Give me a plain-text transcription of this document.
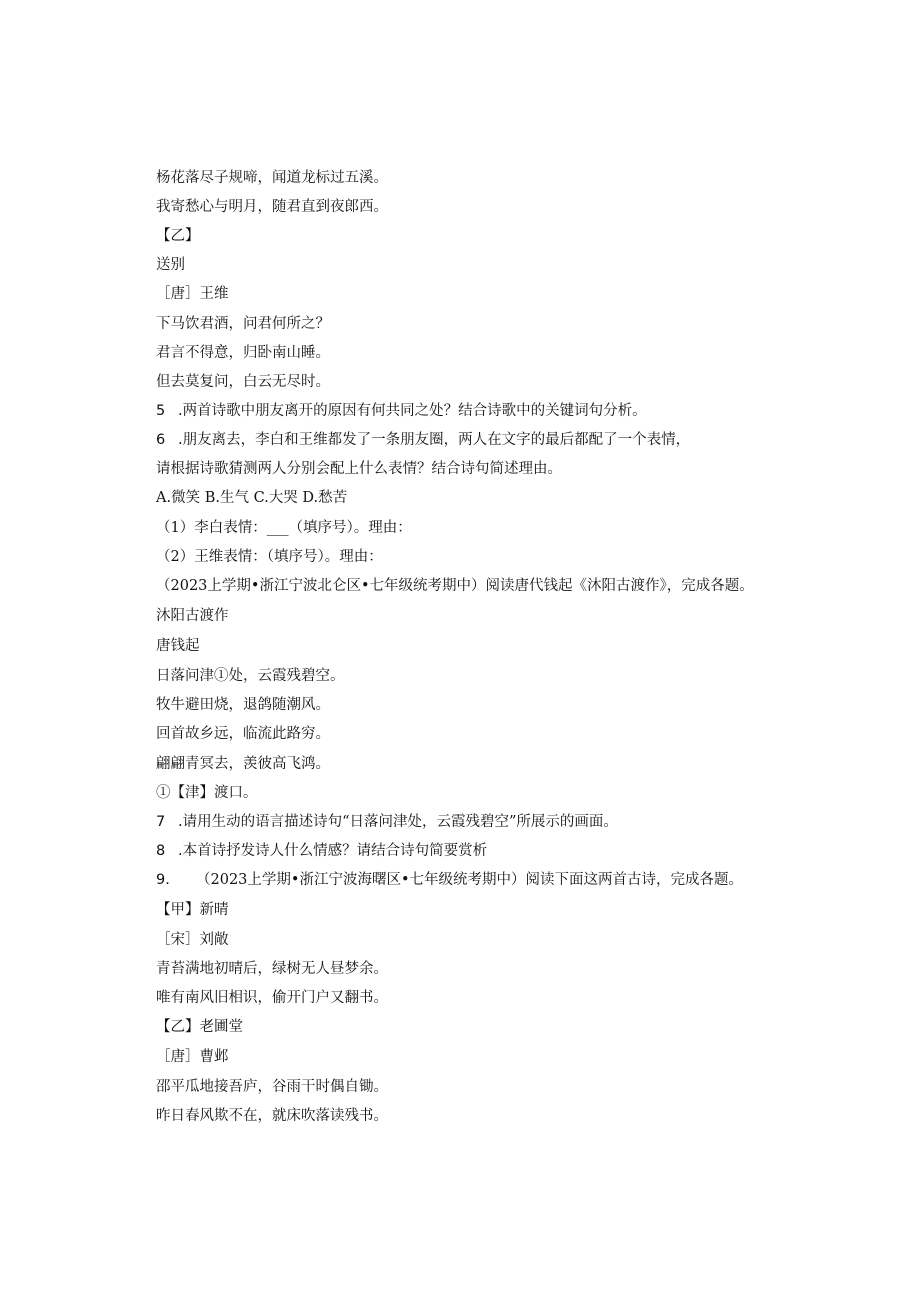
杨花落尽子规啼，闻道龙标过五溪。
我寄愁心与明月，随君直到夜郎西。
【乙】
送别
［唐］王维
下马饮君酒，问君何所之？
君言不得意，归卧南山睡。
但去莫复问，白云无尽时。
5 .两首诗歌中朋友离开的原因有何共同之处？结合诗歌中的关键词句分析。
6 .朋友离去，李白和王维都发了一条朋友圈，两人在文字的最后都配了一个表情，
请根据诗歌猜测两人分别会配上什么表情？结合诗句简述理由。
A.微笑 B.生气 C.大哭 D.愁苦
（1）李白表情：___（填序号）。理由：
（2）王维表情：（填序号）。理由：
（2023上学期•浙江宁波北仑区•七年级统考期中）阅读唐代钱起《沐阳古渡作》，完成各题。
沐阳古渡作
唐钱起
日落问津①处，云霞残碧空。
牧牛避田烧，退鸽随潮风。
回首故乡远，临流此路穷。
翩翩青冥去，羡彼高飞鸿。
①【津】渡口。
7 .请用生动的语言描述诗句“日落问津处，云霞残碧空”所展示的画面。
8 .本首诗抒发诗人什么情感？请结合诗句简要赏析
9. （2023上学期•浙江宁波海曙区•七年级统考期中）阅读下面这两首古诗，完成各题。
【甲】新晴
［宋］刘敞
青苔满地初晴后，绿树无人昼梦余。
唯有南风旧相识，偷开门户又翻书。
【乙】老圃堂
［唐］曹邺
邵平瓜地接吾庐，谷雨干时偶自锄。
昨日春风欺不在，就床吹落读残书。
